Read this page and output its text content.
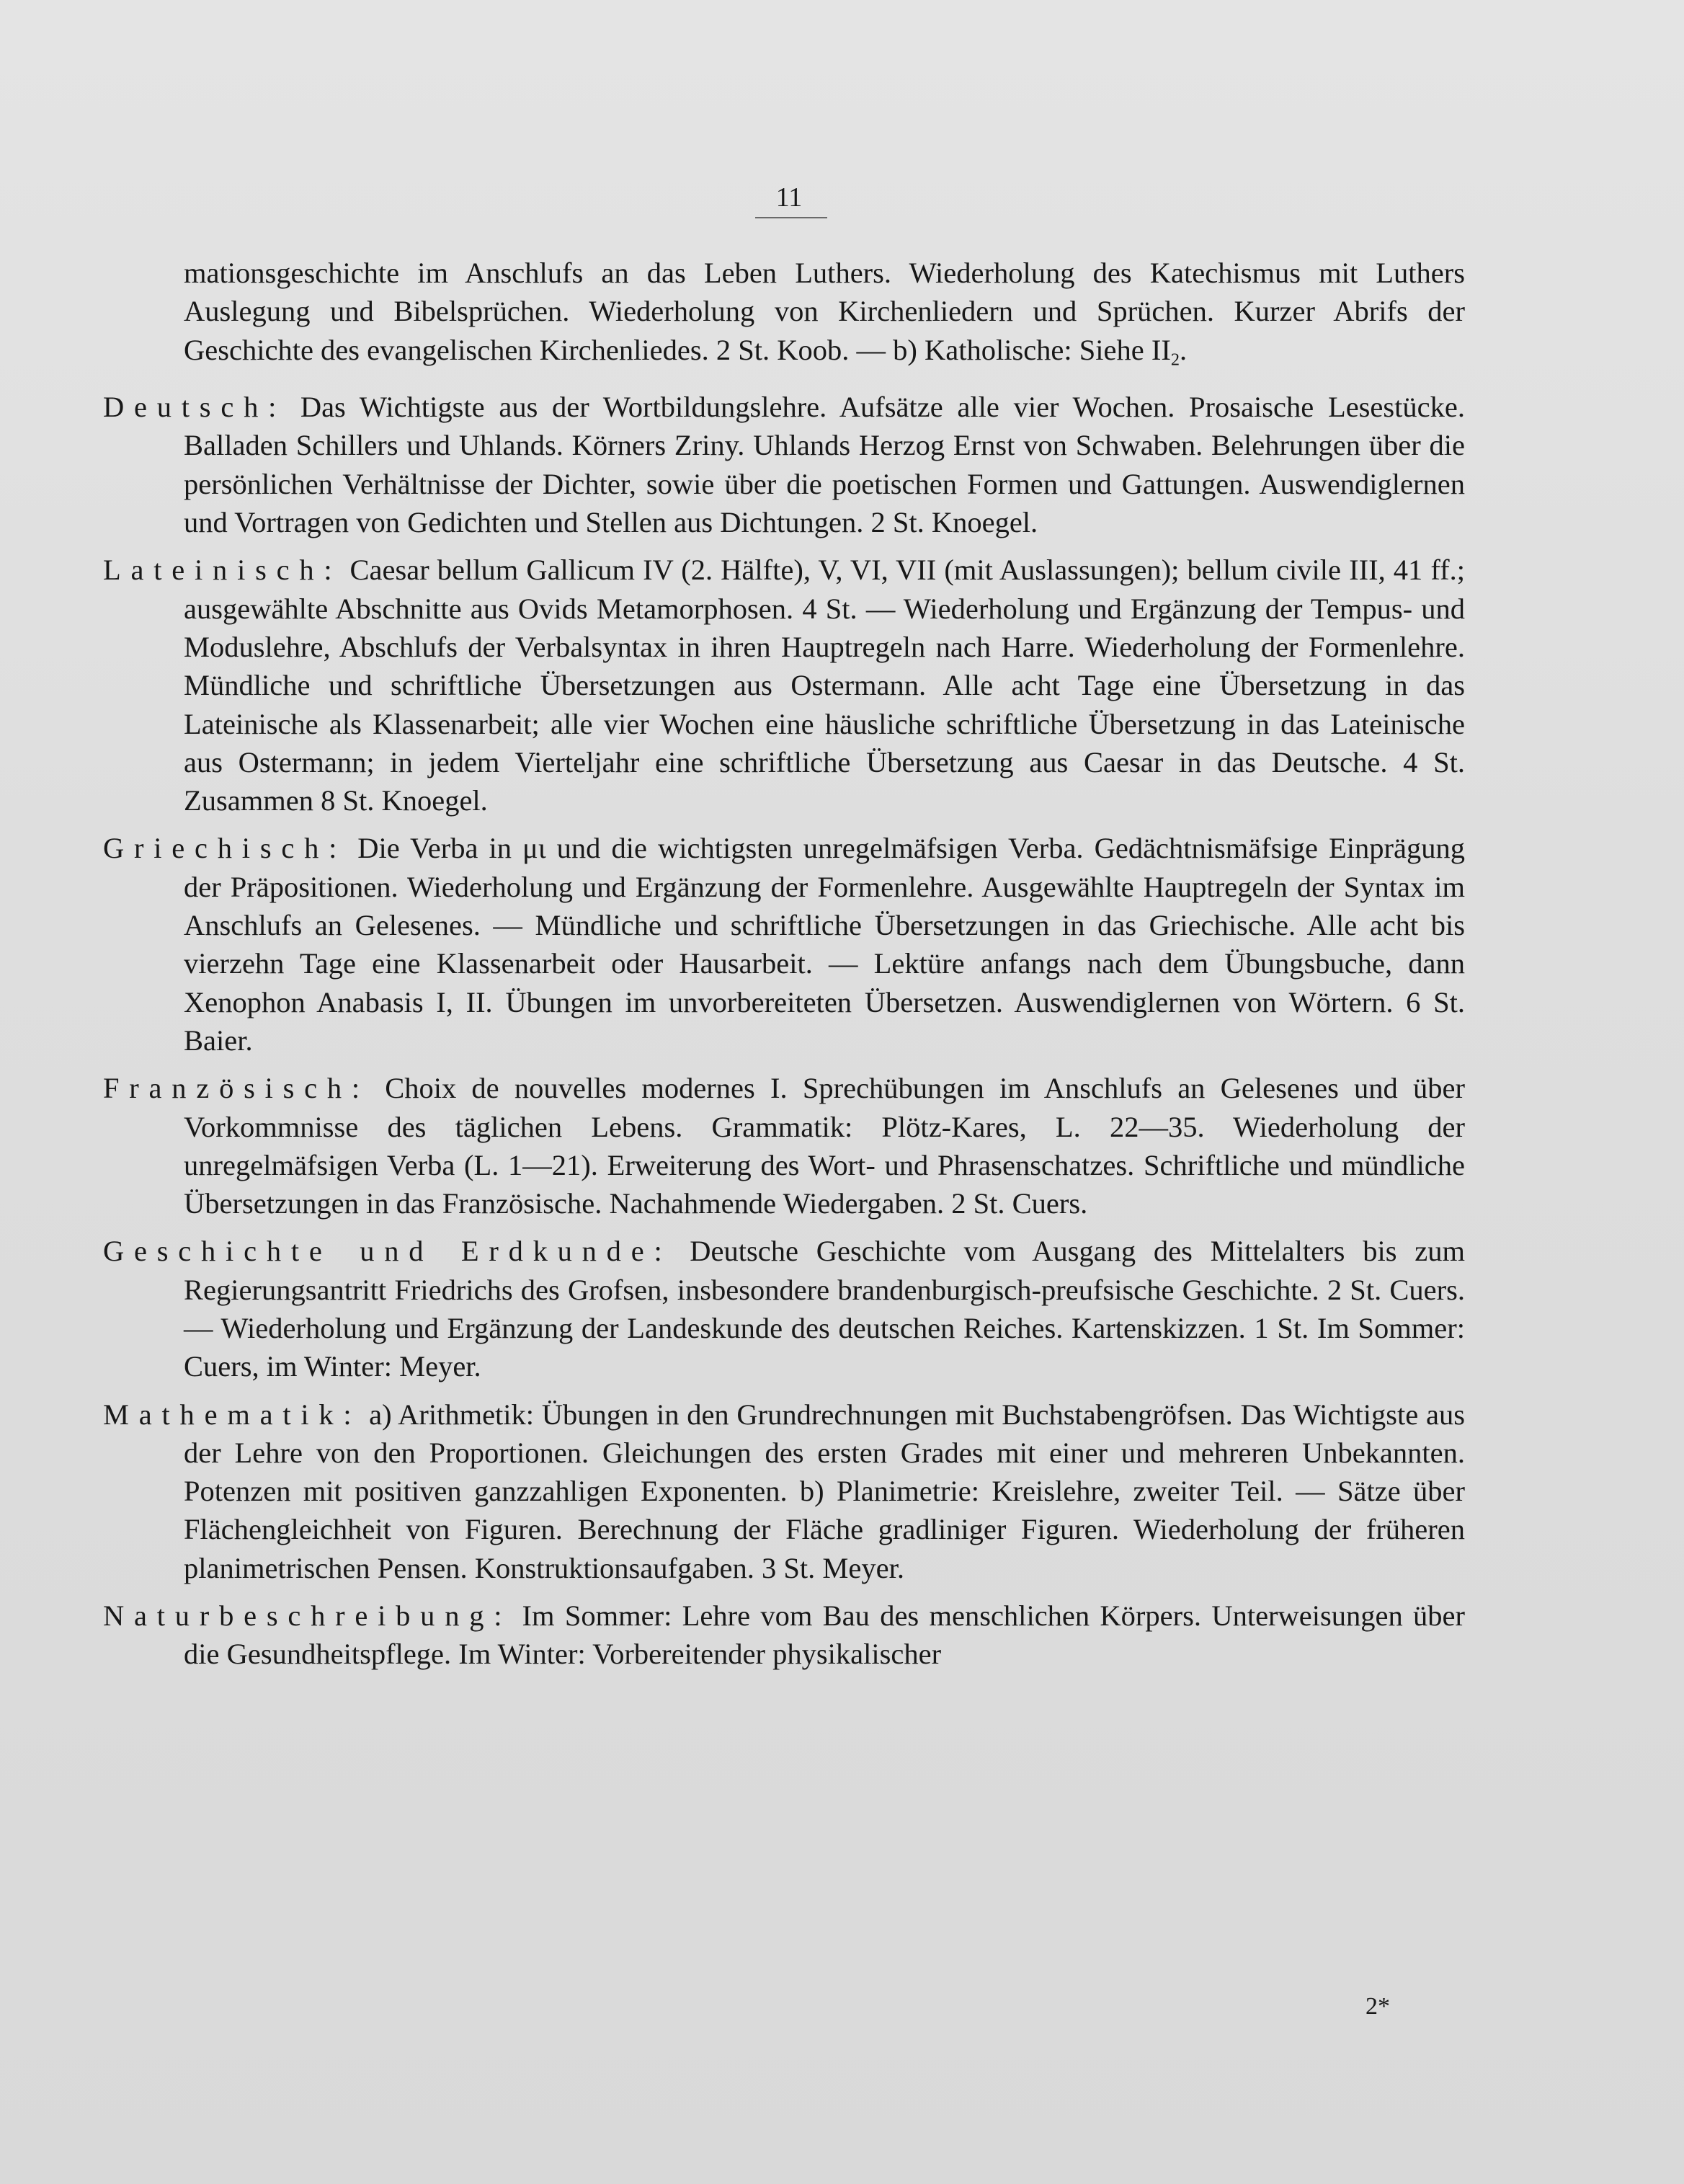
11

mationsgeschichte im Anschlufs an das Leben Luthers. Wiederholung des Katechismus mit Luthers Auslegung und Bibelsprüchen. Wiederholung von Kirchenliedern und Sprüchen. Kurzer Abrifs der Geschichte des evangelischen Kirchenliedes. 2 St. Koob. — b) Katholische: Siehe $II_2$.

Deutsch: Das Wichtigste aus der Wortbildungslehre. Aufsätze alle vier Wochen. Prosaische Lesestücke. Balladen Schillers und Uhlands. Körners Zriny. Uhlands Herzog Ernst von Schwaben. Belehrungen über die persönlichen Verhältnisse der Dichter, sowie über die poetischen Formen und Gattungen. Auswendiglernen und Vortragen von Gedichten und Stellen aus Dichtungen. 2 St. Knoegel.

Lateinisch: Caesar bellum Gallicum IV (2. Hälfte), V, VI, VII (mit Auslassungen); bellum civile III, 41 ff.; ausgewählte Abschnitte aus Ovids Metamorphosen. 4 St. — Wiederholung und Ergänzung der Tempus- und Moduslehre, Abschlufs der Verbalsyntax in ihren Hauptregeln nach Harre. Wiederholung der Formenlehre. Mündliche und schriftliche Übersetzungen aus Ostermann. Alle acht Tage eine Übersetzung in das Lateinische als Klassenarbeit; alle vier Wochen eine häusliche schriftliche Übersetzung in das Lateinische aus Ostermann; in jedem Vierteljahr eine schriftliche Übersetzung aus Caesar in das Deutsche. 4 St. Zusammen 8 St. Knoegel.

Griechisch: Die Verba in μι und die wichtigsten unregelmäfsigen Verba. Gedächtnismäfsige Einprägung der Präpositionen. Wiederholung und Ergänzung der Formenlehre. Ausgewählte Hauptregeln der Syntax im Anschlufs an Gelesenes. — Mündliche und schriftliche Übersetzungen in das Griechische. Alle acht bis vierzehn Tage eine Klassenarbeit oder Hausarbeit. — Lektüre anfangs nach dem Übungsbuche, dann Xenophon Anabasis I, II. Übungen im unvorbereiteten Übersetzen. Auswendiglernen von Wörtern. 6 St. Baier.

Französisch: Choix de nouvelles modernes I. Sprechübungen im Anschlufs an Gelesenes und über Vorkommnisse des täglichen Lebens. Grammatik: Plötz-Kares, L. 22—35. Wiederholung der unregelmäfsigen Verba (L. 1—21). Erweiterung des Wort- und Phrasenschatzes. Schriftliche und mündliche Übersetzungen in das Französische. Nachahmende Wiedergaben. 2 St. Cuers.

Geschichte und Erdkunde: Deutsche Geschichte vom Ausgang des Mittelalters bis zum Regierungsantritt Friedrichs des Grofsen, insbesondere brandenburgisch-preufsische Geschichte. 2 St. Cuers. — Wiederholung und Ergänzung der Landeskunde des deutschen Reiches. Kartenskizzen. 1 St. Im Sommer: Cuers, im Winter: Meyer.

Mathematik: a) Arithmetik: Übungen in den Grundrechnungen mit Buchstabengröfsen. Das Wichtigste aus der Lehre von den Proportionen. Gleichungen des ersten Grades mit einer und mehreren Unbekannten. Potenzen mit positiven ganzzahligen Exponenten. b) Planimetrie: Kreislehre, zweiter Teil. — Sätze über Flächengleichheit von Figuren. Berechnung der Fläche gradliniger Figuren. Wiederholung der früheren planimetrischen Pensen. Konstruktionsaufgaben. 3 St. Meyer.

Naturbeschreibung: Im Sommer: Lehre vom Bau des menschlichen Körpers. Unterweisungen über die Gesundheitspflege. Im Winter: Vorbereitender physikalischer

2*
